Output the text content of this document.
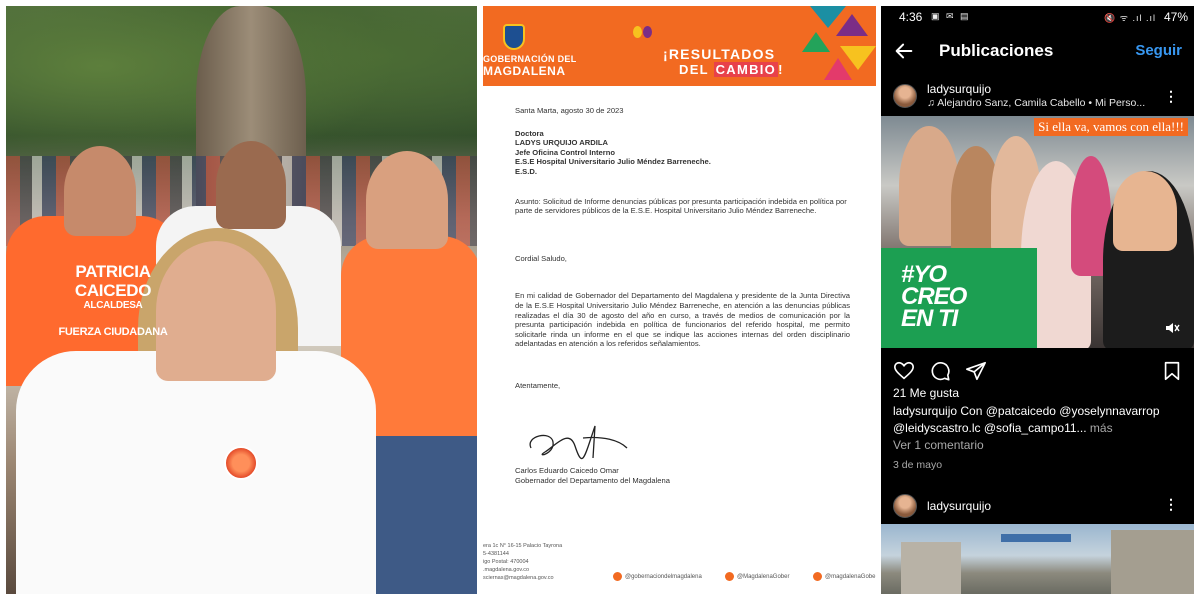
PATRICIA CAICEDO
ALCALDESA
FUERZA CIUDADANA
GOBERNACIÓN DEL
MAGDALENA
¡RESULTADOS
DEL CAMBIO !

Santa Marta, agosto 30 de 2023

Doctora

LADYS URQUIJO ARDILA

Jefe Oficina Control Interno

E.S.E Hospital Universitario Julio Méndez Barreneche.

E.S.D.

Asunto: Solicitud de Informe denuncias públicas por presunta participación indebida en política por parte de servidores públicos de la E.S.E. Hospital Universitario Julio Méndez Barreneche.

Cordial Saludo,

En mi calidad de Gobernador del Departamento del Magdalena y presidente de la Junta Directiva de la E.S.E Hospital Universitario Julio Méndez Barreneche, en atención a las denuncias públicas realizadas el día 30 de agosto del año en curso, a través de medios de comunicación por la presunta participación indebida en política de funcionarios del referido hospital, me permito solicitarle rinda un informe en el que se indique las acciones internas del orden disciplinario adelantadas en atención a los referidos señalamientos.

Atentamente,

Carlos Eduardo Caicedo Omar

Gobernador del Departamento del Magdalena

era 1c N° 16-15 Palacio Tayrona

5-4381144

igo Postal: 470004

.magdalena.gov.co

sciernas@magdalena.gov.co	@gobernaciondelmagdalena	@MagdalenaGober	@magdalenaGobe
4:36 ▣ ✉ ▤	🔇 ᯤ .ıl .ıl 47%
Publicaciones	Seguir
ladysurquijo
♫ Alejandro Sanz, Camila Cabello • Mi Perso... ⋮
Si ella va, vamos con ella!!!
#YO
CREO
EN TI
21 Me gusta
ladysurquijo Con @patcaicedo @yoselynnavarrop @leidyscastro.lc @sofia_campo11... más
Ver 1 comentario
3 de mayo
ladysurquijo	⋮
